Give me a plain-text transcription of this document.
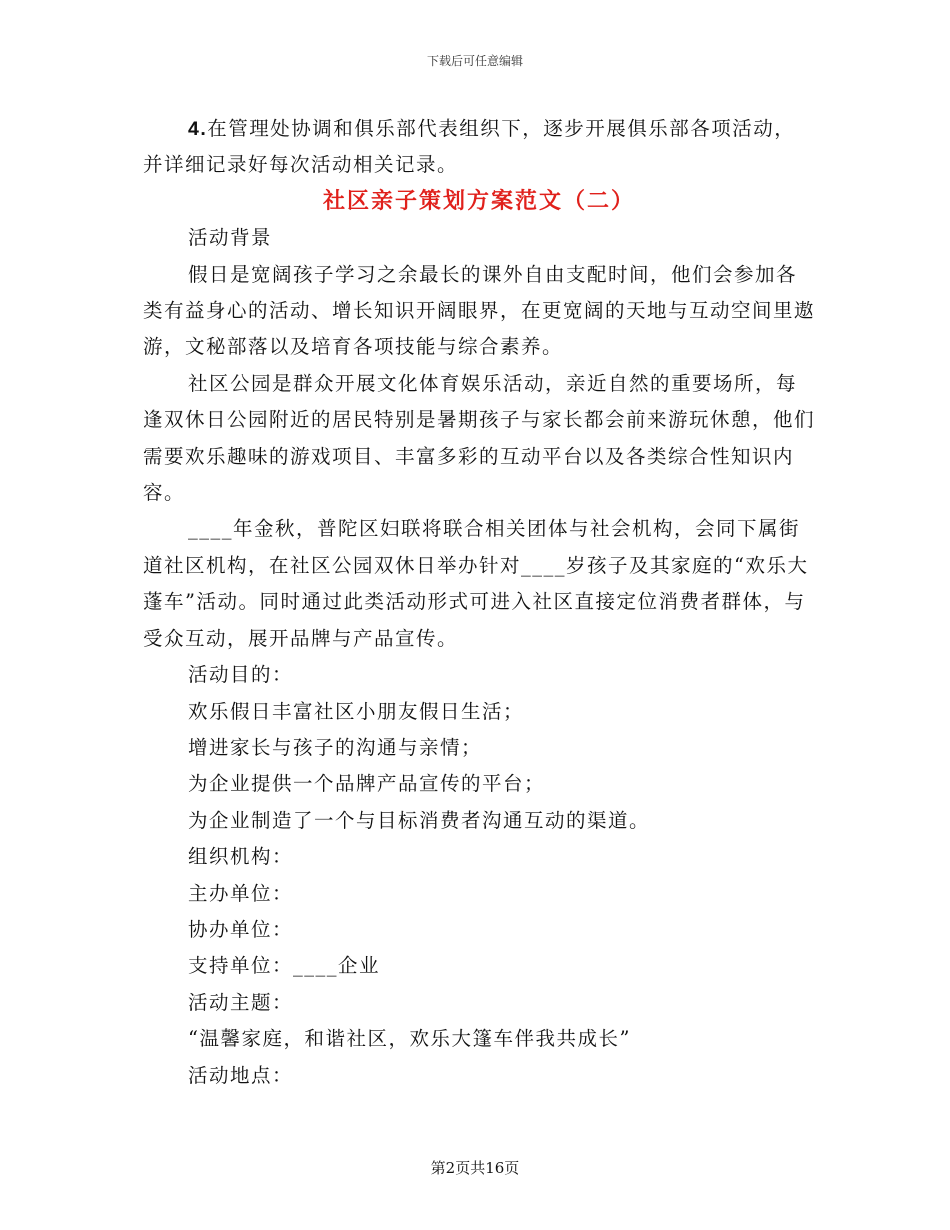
下载后可任意编辑

4.在管理处协调和俱乐部代表组织下，逐步开展俱乐部各项活动，

并详细记录好每次活动相关记录。

社区亲子策划方案范文（二）

活动背景

假日是宽阔孩子学习之余最长的课外自由支配时间，他们会参加各类有益身心的活动、增长知识开阔眼界，在更宽阔的天地与互动空间里遨游，文秘部落以及培育各项技能与综合素养。

社区公园是群众开展文化体育娱乐活动，亲近自然的重要场所，每逢双休日公园附近的居民特别是暑期孩子与家长都会前来游玩休憩，他们需要欢乐趣味的游戏项目、丰富多彩的互动平台以及各类综合性知识内容。

____年金秋，普陀区妇联将联合相关团体与社会机构，会同下属街道社区机构，在社区公园双休日举办针对____岁孩子及其家庭的“欢乐大蓬车”活动。同时通过此类活动形式可进入社区直接定位消费者群体，与受众互动，展开品牌与产品宣传。

活动目的：

欢乐假日丰富社区小朋友假日生活；

增进家长与孩子的沟通与亲情；

为企业提供一个品牌产品宣传的平台；

为企业制造了一个与目标消费者沟通互动的渠道。

组织机构：

主办单位：

协办单位：

支持单位：____企业

活动主题：

“温馨家庭，和谐社区，欢乐大篷车伴我共成长”

活动地点：

第2页共16页
